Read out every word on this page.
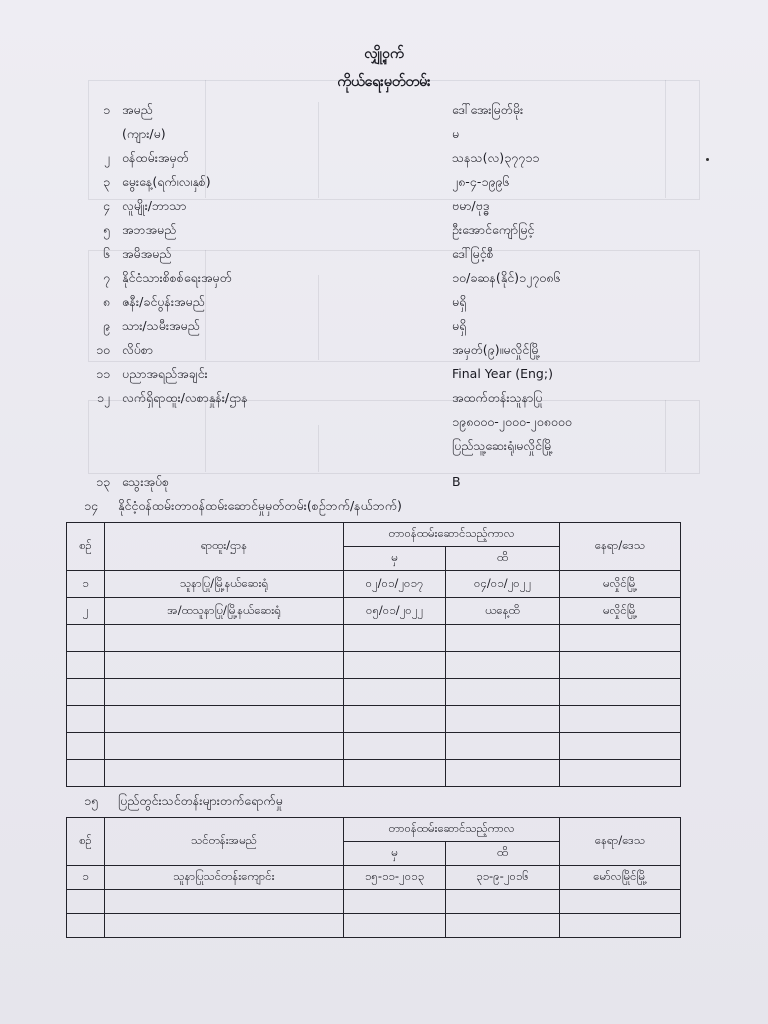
လျှို့ဝှက်
ကိုယ်ရေးမှတ်တမ်း
၁ အမည်	ဒေါ်အေးမြတ်မိုး
(ကျား/မ)	မ
၂ ဝန်ထမ်းအမှတ်	သနသ(လ)၃၇၇၁၁
၃ မွေးနေ့(ရက်၊လ၊နှစ်)	၂၈-၄-၁၉၉၆
၄ လူမျိုး/ဘာသာ	ဗမာ/ဗုဒ္ဓ
၅ အဘအမည်	ဦးအောင်ကျော်မြင့်
၆ အမိအမည်	ဒေါ်မြင့်စီ
၇ နိုင်ငံသားစိစစ်ရေးအမှတ်	၁၀/ခဆန(နိုင်)၁၂၇၀၈၆
၈ ဇနီး/ခင်ပွန်းအမည်	မရှိ
၉ သား/သမီးအမည်	မရှိ
၁၀ လိပ်စာ	အမှတ်(၉)။မလှိုင်မြို့
၁၁ ပညာအရည်အချင်း	Final Year (Eng;)
၁၂ လက်ရှိရာထူး/လစာနှုန်း/ဌာန	အထက်တန်းသူနာပြု
၁၉၈၀၀၀-၂၀၀၀-၂၀၈၀၀၀
ပြည်သူ့ဆေးရုံ၊မလှိုင်မြို့
၁၃ သွေးအုပ်စု	B
၁၄ နိုင်ငံ့ဝန်ထမ်းတာဝန်ထမ်းဆောင်မှုမှတ်တမ်း(စဉ်ဘက်/နယ်ဘက်)
စဉ်	ရာထူး/ဌာန	တာဝန်ထမ်းဆောင်သည့်ကာလ		နေရာ/ဒေသ
		မှ	ထိ	
၁	သူနာပြု/မြို့နယ်ဆေးရုံ	၀၂/၀၁/၂၀၁၇	၀၄/၀၁/၂၀၂၂	မလှိုင်မြို့
၂	အ/ထသူနာပြု/မြို့နယ်ဆေးရုံ	၀၅/၀၁/၂၀၂၂	ယနေ့ထိ	မလှိုင်မြို့

၁၅ ပြည်တွင်းသင်တန်းများတက်ရောက်မှု
စဉ်	သင်တန်းအမည်	တာဝန်ထမ်းဆောင်သည့်ကာလ		နေရာ/ဒေသ
		မှ	ထိ	
၁	သူနာပြုသင်တန်းကျောင်း	၁၅-၁၁-၂၀၁၃	၃၁-၉-၂၀၁၆	မော်လမြိုင်မြို့
